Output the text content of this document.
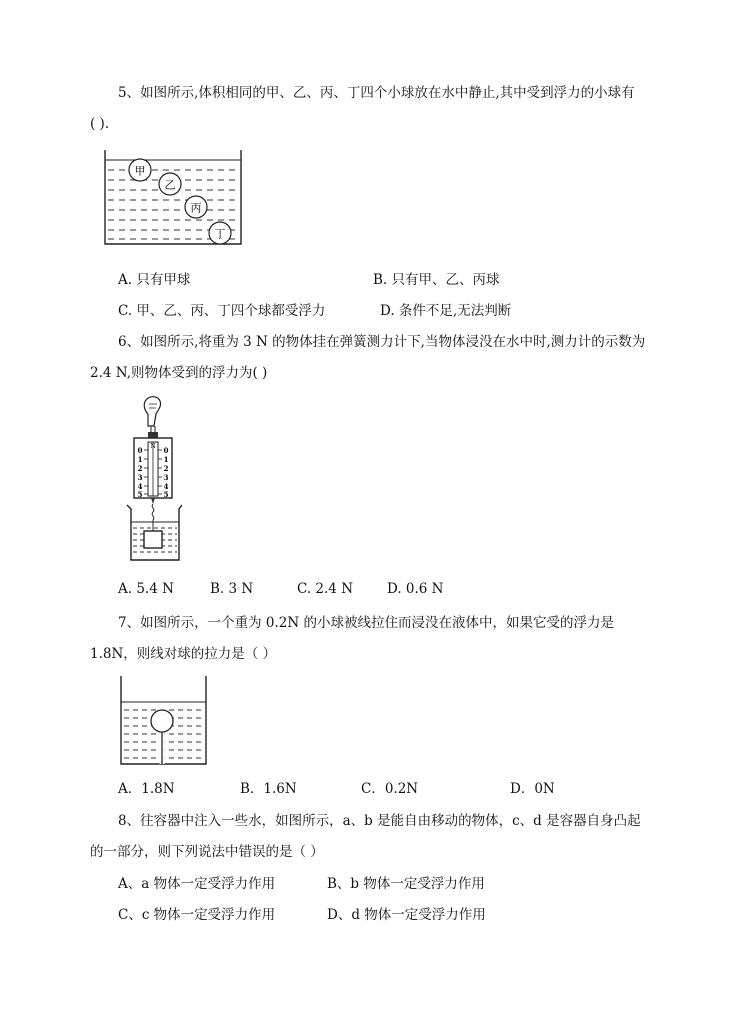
5、如图所示,体积相同的甲、乙、丙、丁四个小球放在水中静止,其中受到浮力的小球有
( ).
甲
乙
丙
丁
A. 只有甲球	B. 只有甲、乙、丙球
C. 甲、乙、丙、丁四个球都受浮力	D. 条件不足,无法判断
6、如图所示,将重为 3 N 的物体挂在弹簧测力计下,当物体浸没在水中时,测力计的示数为
2.4 N,则物体受到的浮力为( )
N
0
1
2
3
4
5
0
1
2
3
4
5
A. 5.4 N	B. 3 N	C. 2.4 N	D. 0.6 N
7、如图所示，一个重为 0.2N 的小球被线拉住而浸没在液体中，如果它受的浮力是
1.8N，则线对球的拉力是（ ）
A．1.8N	B．1.6N	C．0.2N	D．0N
8、往容器中注入一些水，如图所示，a、b 是能自由移动的物体，c、d 是容器自身凸起
的一部分，则下列说法中错误的是（ ）
A、a 物体一定受浮力作用	B、b 物体一定受浮力作用
C、c 物体一定受浮力作用	D、d 物体一定受浮力作用
